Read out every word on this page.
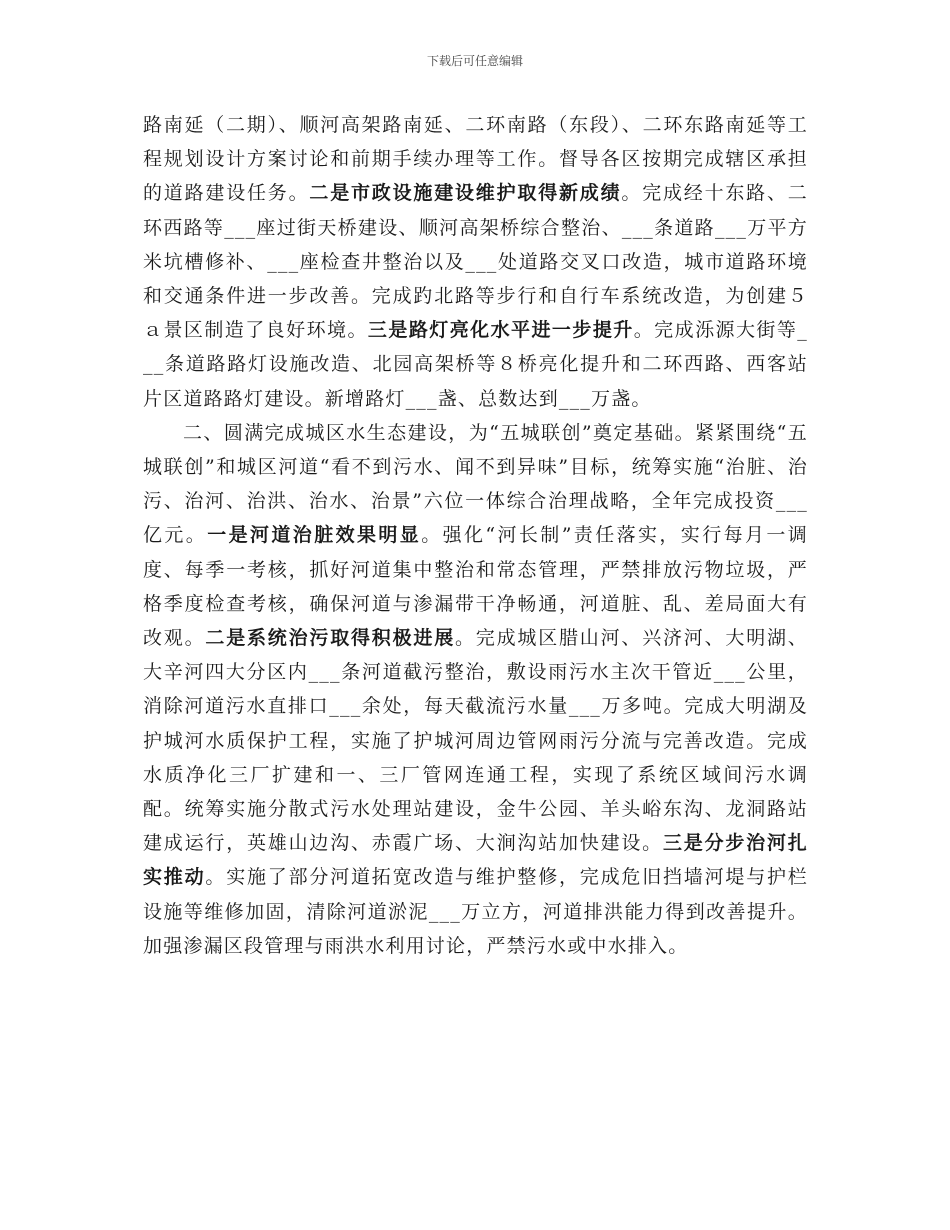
下载后可任意编辑

路南延（二期）、顺河高架路南延、二环南路（东段）、二环东路南延等工程规划设计方案讨论和前期手续办理等工作。督导各区按期完成辖区承担的道路建设任务。二是市政设施建设维护取得新成绩。完成经十东路、二环西路等___座过街天桥建设、顺河高架桥综合整治、___条道路___万平方米坑槽修补、___座检查井整治以及___处道路交叉口改造，城市道路环境和交通条件进一步改善。完成趵北路等步行和自行车系统改造，为创建５ａ景区制造了良好环境。三是路灯亮化水平进一步提升。完成泺源大街等___条道路路灯设施改造、北园高架桥等８桥亮化提升和二环西路、西客站片区道路路灯建设。新增路灯___盏、总数达到___万盏。

二、圆满完成城区水生态建设，为“五城联创”奠定基础。紧紧围绕“五城联创”和城区河道“看不到污水、闻不到异味”目标，统筹实施“治脏、治污、治河、治洪、治水、治景”六位一体综合治理战略，全年完成投资___亿元。一是河道治脏效果明显。强化“河长制”责任落实，实行每月一调度、每季一考核，抓好河道集中整治和常态管理，严禁排放污物垃圾，严格季度检查考核，确保河道与渗漏带干净畅通，河道脏、乱、差局面大有改观。二是系统治污取得积极进展。完成城区腊山河、兴济河、大明湖、大辛河四大分区内___条河道截污整治，敷设雨污水主次干管近___公里，消除河道污水直排口___余处，每天截流污水量___万多吨。完成大明湖及护城河水质保护工程，实施了护城河周边管网雨污分流与完善改造。完成水质净化三厂扩建和一、三厂管网连通工程，实现了系统区域间污水调配。统筹实施分散式污水处理站建设，金牛公园、羊头峪东沟、龙洞路站建成运行，英雄山边沟、赤霞广场、大涧沟站加快建设。三是分步治河扎实推动。实施了部分河道拓宽改造与维护整修，完成危旧挡墙河堤与护栏设施等维修加固，清除河道淤泥___万立方，河道排洪能力得到改善提升。加强渗漏区段管理与雨洪水利用讨论，严禁污水或中水排入。
